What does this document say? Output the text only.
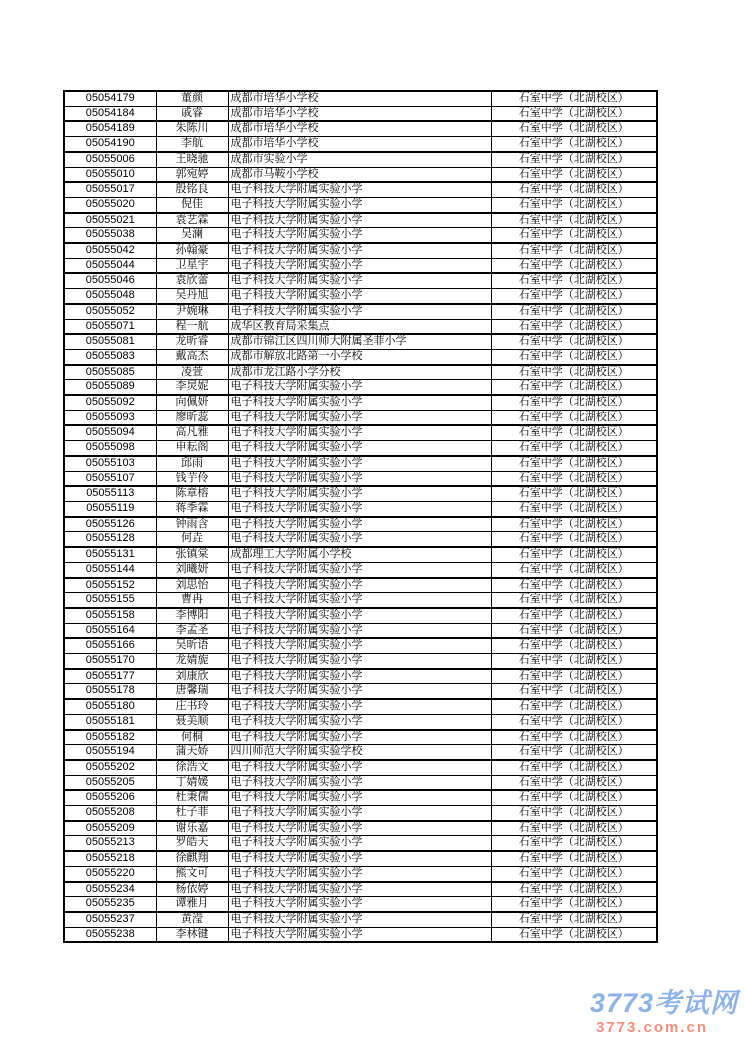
05054179	董颜	成都市培华小学校	石室中学（北湖校区）
05054184	戚睿	成都市培华小学校	石室中学（北湖校区）
05054189	朱陈川	成都市培华小学校	石室中学（北湖校区）
05054190	李航	成都市培华小学校	石室中学（北湖校区）
05055006	王晓驰	成都市实验小学	石室中学（北湖校区）
05055010	郭宛婷	成都市马鞍小学校	石室中学（北湖校区）
05055017	殷铭良	电子科技大学附属实验小学	石室中学（北湖校区）
05055020	倪佳	电子科技大学附属实验小学	石室中学（北湖校区）
05055021	袁艺霖	电子科技大学附属实验小学	石室中学（北湖校区）
05055038	吴澜	电子科技大学附属实验小学	石室中学（北湖校区）
05055042	孙翰豪	电子科技大学附属实验小学	石室中学（北湖校区）
05055044	卫星宇	电子科技大学附属实验小学	石室中学（北湖校区）
05055046	袁欣蕾	电子科技大学附属实验小学	石室中学（北湖校区）
05055048	吴丹旭	电子科技大学附属实验小学	石室中学（北湖校区）
05055052	尹婉琳	电子科技大学附属实验小学	石室中学（北湖校区）
05055071	程一航	成华区教育局采集点	石室中学（北湖校区）
05055081	龙昕睿	成都市锦江区四川师大附属圣菲小学	石室中学（北湖校区）
05055083	戴高杰	成都市解放北路第一小学校	石室中学（北湖校区）
05055085	凌萱	成都市龙江路小学分校	石室中学（北湖校区）
05055089	李炅妮	电子科技大学附属实验小学	石室中学（北湖校区）
05055092	向佩妍	电子科技大学附属实验小学	石室中学（北湖校区）
05055093	廖昕蕊	电子科技大学附属实验小学	石室中学（北湖校区）
05055094	高凡雅	电子科技大学附属实验小学	石室中学（北湖校区）
05055098	申耘阁	电子科技大学附属实验小学	石室中学（北湖校区）
05055103	邱雨	电子科技大学附属实验小学	石室中学（北湖校区）
05055107	钱芋伶	电子科技大学附属实验小学	石室中学（北湖校区）
05055113	陈章榕	电子科技大学附属实验小学	石室中学（北湖校区）
05055119	蒋季霖	电子科技大学附属实验小学	石室中学（北湖校区）
05055126	钟雨含	电子科技大学附属实验小学	石室中学（北湖校区）
05055128	何垚	电子科技大学附属实验小学	石室中学（北湖校区）
05055131	张镇棠	成都理工大学附属小学校	石室中学（北湖校区）
05055144	刘曦妍	电子科技大学附属实验小学	石室中学（北湖校区）
05055152	刘思怡	电子科技大学附属实验小学	石室中学（北湖校区）
05055155	曹冉	电子科技大学附属实验小学	石室中学（北湖校区）
05055158	李博阳	电子科技大学附属实验小学	石室中学（北湖校区）
05055164	李孟圣	电子科技大学附属实验小学	石室中学（北湖校区）
05055166	吴昕语	电子科技大学附属实验小学	石室中学（北湖校区）
05055170	龙婧旎	电子科技大学附属实验小学	石室中学（北湖校区）
05055177	刘康欣	电子科技大学附属实验小学	石室中学（北湖校区）
05055178	唐馨瑞	电子科技大学附属实验小学	石室中学（北湖校区）
05055180	庄书玲	电子科技大学附属实验小学	石室中学（北湖校区）
05055181	聂美顺	电子科技大学附属实验小学	石室中学（北湖校区）
05055182	何桐	电子科技大学附属实验小学	石室中学（北湖校区）
05055194	蒲天娇	四川师范大学附属实验学校	石室中学（北湖校区）
05055202	徐浩文	电子科技大学附属实验小学	石室中学（北湖校区）
05055205	丁婧媛	电子科技大学附属实验小学	石室中学（北湖校区）
05055206	杜秉儒	电子科技大学附属实验小学	石室中学（北湖校区）
05055208	杜子菲	电子科技大学附属实验小学	石室中学（北湖校区）
05055209	谢乐嘉	电子科技大学附属实验小学	石室中学（北湖校区）
05055213	罗皓天	电子科技大学附属实验小学	石室中学（北湖校区）
05055218	徐麒翔	电子科技大学附属实验小学	石室中学（北湖校区）
05055220	熊文可	电子科技大学附属实验小学	石室中学（北湖校区）
05055234	杨依婷	电子科技大学附属实验小学	石室中学（北湖校区）
05055235	谭雅月	电子科技大学附属实验小学	石室中学（北湖校区）
05055237	黄滢	电子科技大学附属实验小学	石室中学（北湖校区）
05055238	李林键	电子科技大学附属实验小学	石室中学（北湖校区）
3773考试网
3773.com.cn
